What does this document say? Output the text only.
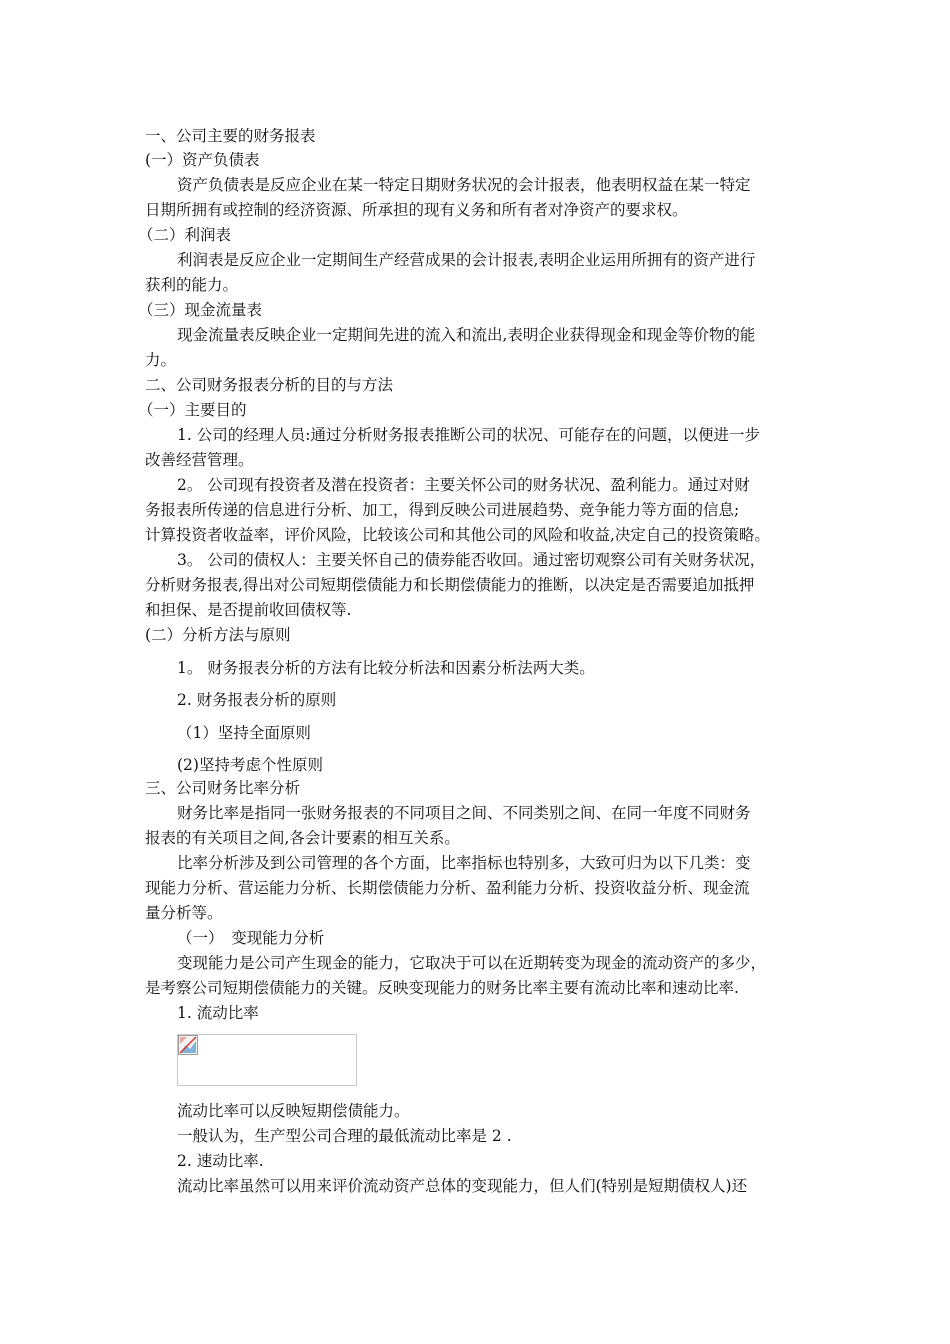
一、公司主要的财务报表
(一）资产负债表
资产负债表是反应企业在某一特定日期财务状况的会计报表，他表明权益在某一特定
日期所拥有或控制的经济资源、所承担的现有义务和所有者对净资产的要求权。
（二）利润表
利润表是反应企业一定期间生产经营成果的会计报表,表明企业运用所拥有的资产进行
获利的能力。
（三）现金流量表
现金流量表反映企业一定期间先进的流入和流出,表明企业获得现金和现金等价物的能
力。
二、公司财务报表分析的目的与方法
（一）主要目的
1. 公司的经理人员:通过分析财务报表推断公司的状况、可能存在的问题，以便进一步
改善经营管理。
2。 公司现有投资者及潜在投资者：主要关怀公司的财务状况、盈利能力。通过对财
务报表所传递的信息进行分析、加工，得到反映公司进展趋势、竞争能力等方面的信息;
计算投资者收益率，评价风险，比较该公司和其他公司的风险和收益,决定自己的投资策略。
3。 公司的债权人：主要关怀自己的债券能否收回。通过密切观察公司有关财务状况，
分析财务报表,得出对公司短期偿债能力和长期偿债能力的推断，以决定是否需要追加抵押
和担保、是否提前收回债权等.
(二）分析方法与原则
1。 财务报表分析的方法有比较分析法和因素分析法两大类。
2. 财务报表分析的原则
（1）坚持全面原则
(2)坚持考虑个性原则
三、公司财务比率分析
财务比率是指同一张财务报表的不同项目之间、不同类别之间、在同一年度不同财务
报表的有关项目之间,各会计要素的相互关系。
比率分析涉及到公司管理的各个方面，比率指标也特别多，大致可归为以下几类：变
现能力分析、营运能力分析、长期偿债能力分析、盈利能力分析、投资收益分析、现金流
量分析等。
（一）　变现能力分析
变现能力是公司产生现金的能力，它取决于可以在近期转变为现金的流动资产的多少，
是考察公司短期偿债能力的关键。反映变现能力的财务比率主要有流动比率和速动比率.
1. 流动比率
流动比率可以反映短期偿债能力。
一般认为，生产型公司合理的最低流动比率是 2 .
2. 速动比率.
流动比率虽然可以用来评价流动资产总体的变现能力，但人们(特别是短期债权人)还
